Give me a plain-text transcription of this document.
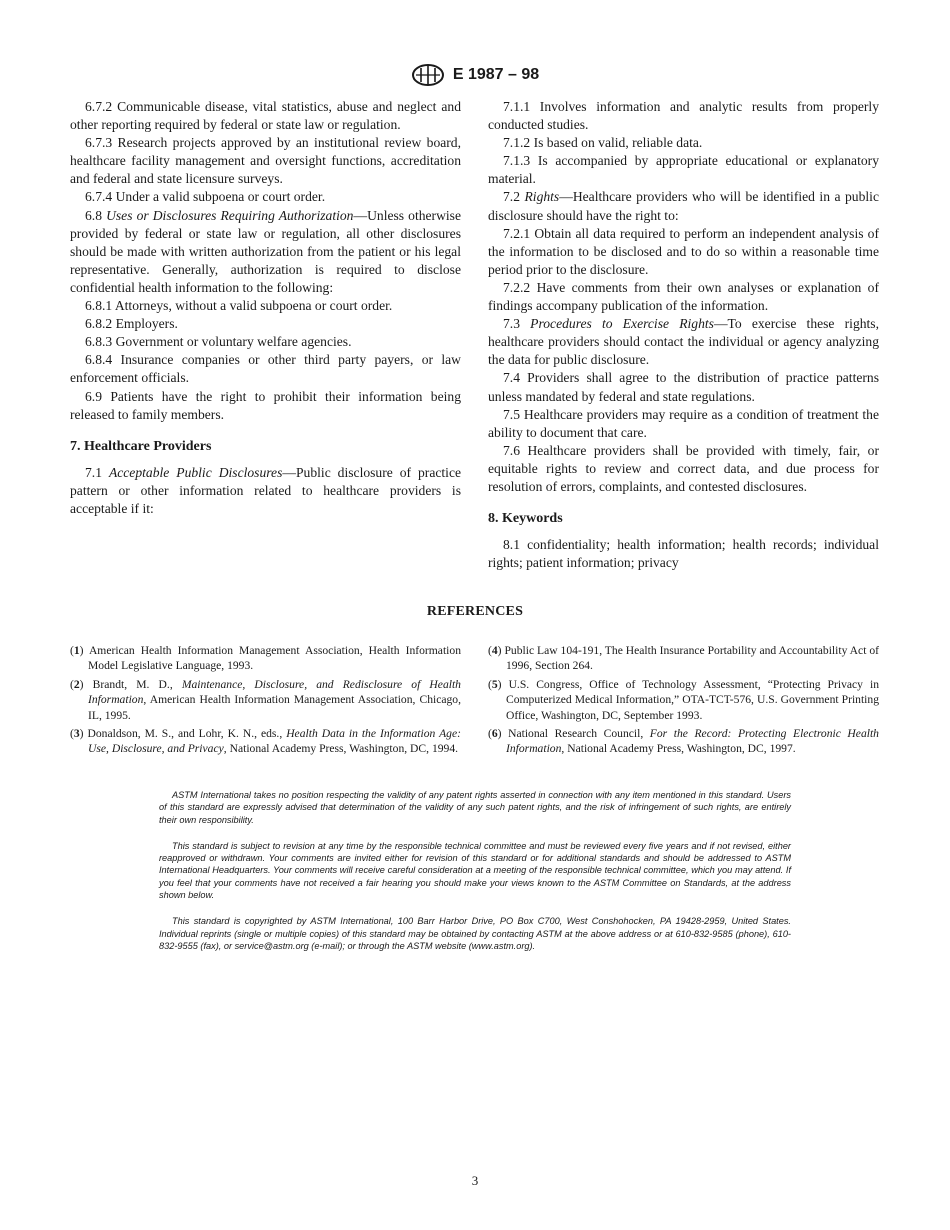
E 1987 – 98

6.7.2 Communicable disease, vital statistics, abuse and neglect and other reporting required by federal or state law or regulation.

6.7.3 Research projects approved by an institutional review board, healthcare facility management and oversight functions, accreditation and federal and state licensure surveys.

6.7.4 Under a valid subpoena or court order.

6.8 Uses or Disclosures Requiring Authorization—Unless otherwise provided by federal or state law or regulation, all other disclosures should be made with written authorization from the patient or his legal representative. Generally, authorization is required to disclose confidential health information to the following:

6.8.1 Attorneys, without a valid subpoena or court order.

6.8.2 Employers.

6.8.3 Government or voluntary welfare agencies.

6.8.4 Insurance companies or other third party payers, or law enforcement officials.

6.9 Patients have the right to prohibit their information being released to family members.

7. Healthcare Providers

7.1 Acceptable Public Disclosures—Public disclosure of practice pattern or other information related to healthcare providers is acceptable if it:

7.1.1 Involves information and analytic results from properly conducted studies.

7.1.2 Is based on valid, reliable data.

7.1.3 Is accompanied by appropriate educational or explanatory material.

7.2 Rights—Healthcare providers who will be identified in a public disclosure should have the right to:

7.2.1 Obtain all data required to perform an independent analysis of the information to be disclosed and to do so within a reasonable time period prior to the disclosure.

7.2.2 Have comments from their own analyses or explanation of findings accompany publication of the information.

7.3 Procedures to Exercise Rights—To exercise these rights, healthcare providers should contact the individual or agency analyzing the data for public disclosure.

7.4 Providers shall agree to the distribution of practice patterns unless mandated by federal and state regulations.

7.5 Healthcare providers may require as a condition of treatment the ability to document that care.

7.6 Healthcare providers shall be provided with timely, fair, or equitable rights to review and correct data, and due process for resolution of errors, complaints, and contested disclosures.

8. Keywords

8.1 confidentiality; health information; health records; individual rights; patient information; privacy

REFERENCES

(1) American Health Information Management Association, Health Information Model Legislative Language, 1993.

(2) Brandt, M. D., Maintenance, Disclosure, and Redisclosure of Health Information, American Health Information Management Association, Chicago, IL, 1995.

(3) Donaldson, M. S., and Lohr, K. N., eds., Health Data in the Information Age: Use, Disclosure, and Privacy, National Academy Press, Washington, DC, 1994.

(4) Public Law 104-191, The Health Insurance Portability and Accountability Act of 1996, Section 264.

(5) U.S. Congress, Office of Technology Assessment, “Protecting Privacy in Computerized Medical Information,” OTA-TCT-576, U.S. Government Printing Office, Washington, DC, September 1993.

(6) National Research Council, For the Record: Protecting Electronic Health Information, National Academy Press, Washington, DC, 1997.

ASTM International takes no position respecting the validity of any patent rights asserted in connection with any item mentioned in this standard. Users of this standard are expressly advised that determination of the validity of any such patent rights, and the risk of infringement of such rights, are entirely their own responsibility.

This standard is subject to revision at any time by the responsible technical committee and must be reviewed every five years and if not revised, either reapproved or withdrawn. Your comments are invited either for revision of this standard or for additional standards and should be addressed to ASTM International Headquarters. Your comments will receive careful consideration at a meeting of the responsible technical committee, which you may attend. If you feel that your comments have not received a fair hearing you should make your views known to the ASTM Committee on Standards, at the address shown below.

This standard is copyrighted by ASTM International, 100 Barr Harbor Drive, PO Box C700, West Conshohocken, PA 19428-2959, United States. Individual reprints (single or multiple copies) of this standard may be obtained by contacting ASTM at the above address or at 610-832-9585 (phone), 610-832-9555 (fax), or service@astm.org (e-mail); or through the ASTM website (www.astm.org).

3
